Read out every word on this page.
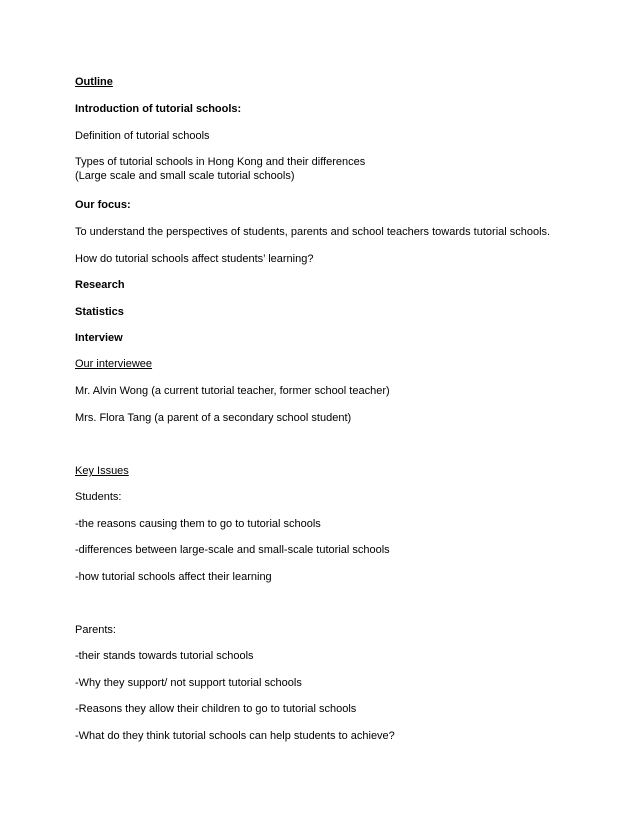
Outline
Introduction of tutorial schools:
Definition of tutorial schools
Types of tutorial schools in Hong Kong and their differences
(Large scale and small scale tutorial schools)
Our focus:
To understand the perspectives of students, parents and school teachers towards tutorial schools.
How do tutorial schools affect students’ learning?
Research
Statistics
Interview
Our interviewee
Mr. Alvin Wong (a current tutorial teacher, former school teacher)
Mrs. Flora Tang (a parent of a secondary school student)
Key Issues
Students:
-the reasons causing them to go to tutorial schools
-differences between large-scale and small-scale tutorial schools
-how tutorial schools affect their learning
Parents:
-their stands towards tutorial schools
-Why they support/ not support tutorial schools
-Reasons they allow their children to go to tutorial schools
-What do they think tutorial schools can help students to achieve?
